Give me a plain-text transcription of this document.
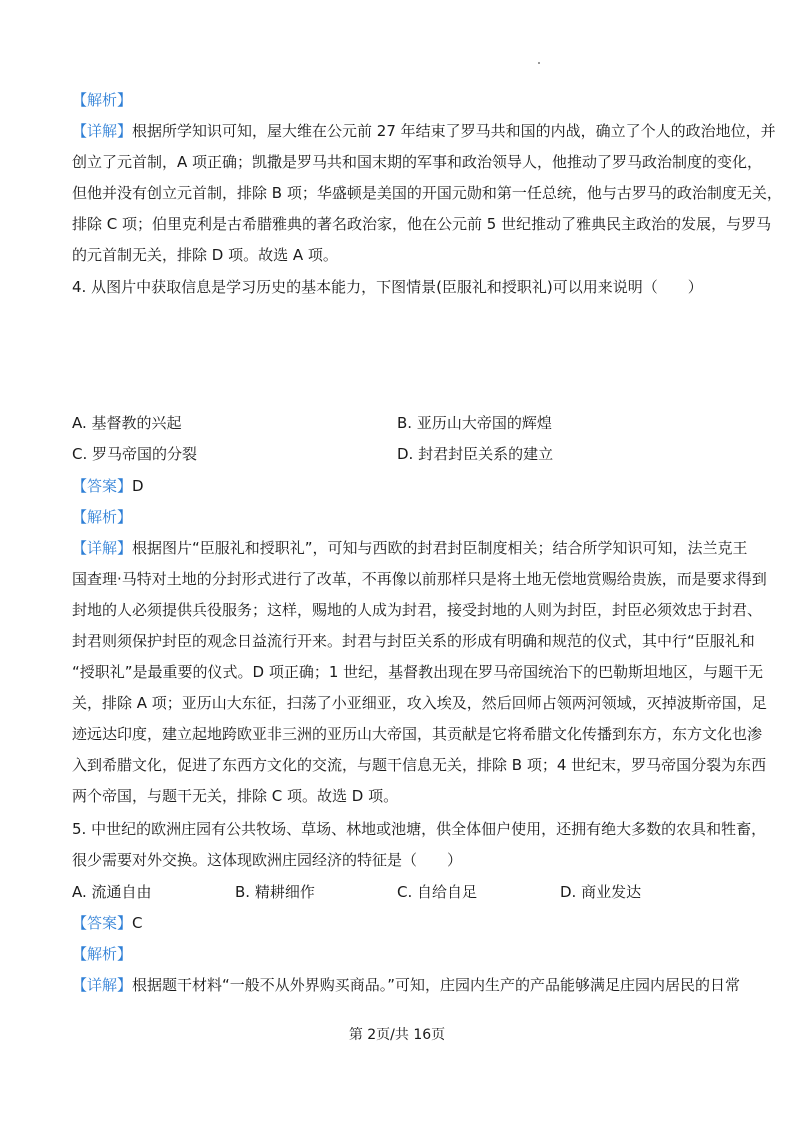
【解析】
【详解】根据所学知识可知，屋大维在公元前 27 年结束了罗马共和国的内战，确立了个人的政治地位，并
创立了元首制，A 项正确；凯撒是罗马共和国末期的军事和政治领导人，他推动了罗马政治制度的变化，
但他并没有创立元首制，排除 B 项；华盛顿是美国的开国元勋和第一任总统，他与古罗马的政治制度无关，
排除 C 项；伯里克利是古希腊雅典的著名政治家，他在公元前 5 世纪推动了雅典民主政治的发展，与罗马
的元首制无关，排除 D 项。故选 A 项。
4. 从图片中获取信息是学习历史的基本能力，下图情景(臣服礼和授职礼)可以用来说明（　　）
A. 基督教的兴起	B. 亚历山大帝国的辉煌
C. 罗马帝国的分裂	D. 封君封臣关系的建立
【答案】D
【解析】
【详解】根据图片“臣服礼和授职礼”，可知与西欧的封君封臣制度相关；结合所学知识可知，法兰克王
国查理·马特对土地的分封形式进行了改革，不再像以前那样只是将土地无偿地赏赐给贵族，而是要求得到
封地的人必须提供兵役服务；这样，赐地的人成为封君，接受封地的人则为封臣，封臣必须效忠于封君、
封君则须保护封臣的观念日益流行开来。封君与封臣关系的形成有明确和规范的仪式，其中行“臣服礼和
“授职礼”是最重要的仪式。D 项正确；1 世纪，基督教出现在罗马帝国统治下的巴勒斯坦地区，与题干无
关，排除 A 项；亚历山大东征，扫荡了小亚细亚，攻入埃及，然后回师占领两河领域，灭掉波斯帝国，足
迹远达印度，建立起地跨欧亚非三洲的亚历山大帝国，其贡献是它将希腊文化传播到东方，东方文化也渗
入到希腊文化，促进了东西方文化的交流，与题干信息无关，排除 B 项；4 世纪末，罗马帝国分裂为东西
两个帝国，与题干无关，排除 C 项。故选 D 项。
5. 中世纪的欧洲庄园有公共牧场、草场、林地或池塘，供全体佃户使用，还拥有绝大多数的农具和牲畜，
很少需要对外交换。这体现欧洲庄园经济的特征是（　　）
A. 流通自由	B. 精耕细作	C. 自给自足	D. 商业发达
【答案】C
【解析】
【详解】根据题干材料“一般不从外界购买商品。”可知，庄园内生产的产品能够满足庄园内居民的日常
第 2页/共 16页
